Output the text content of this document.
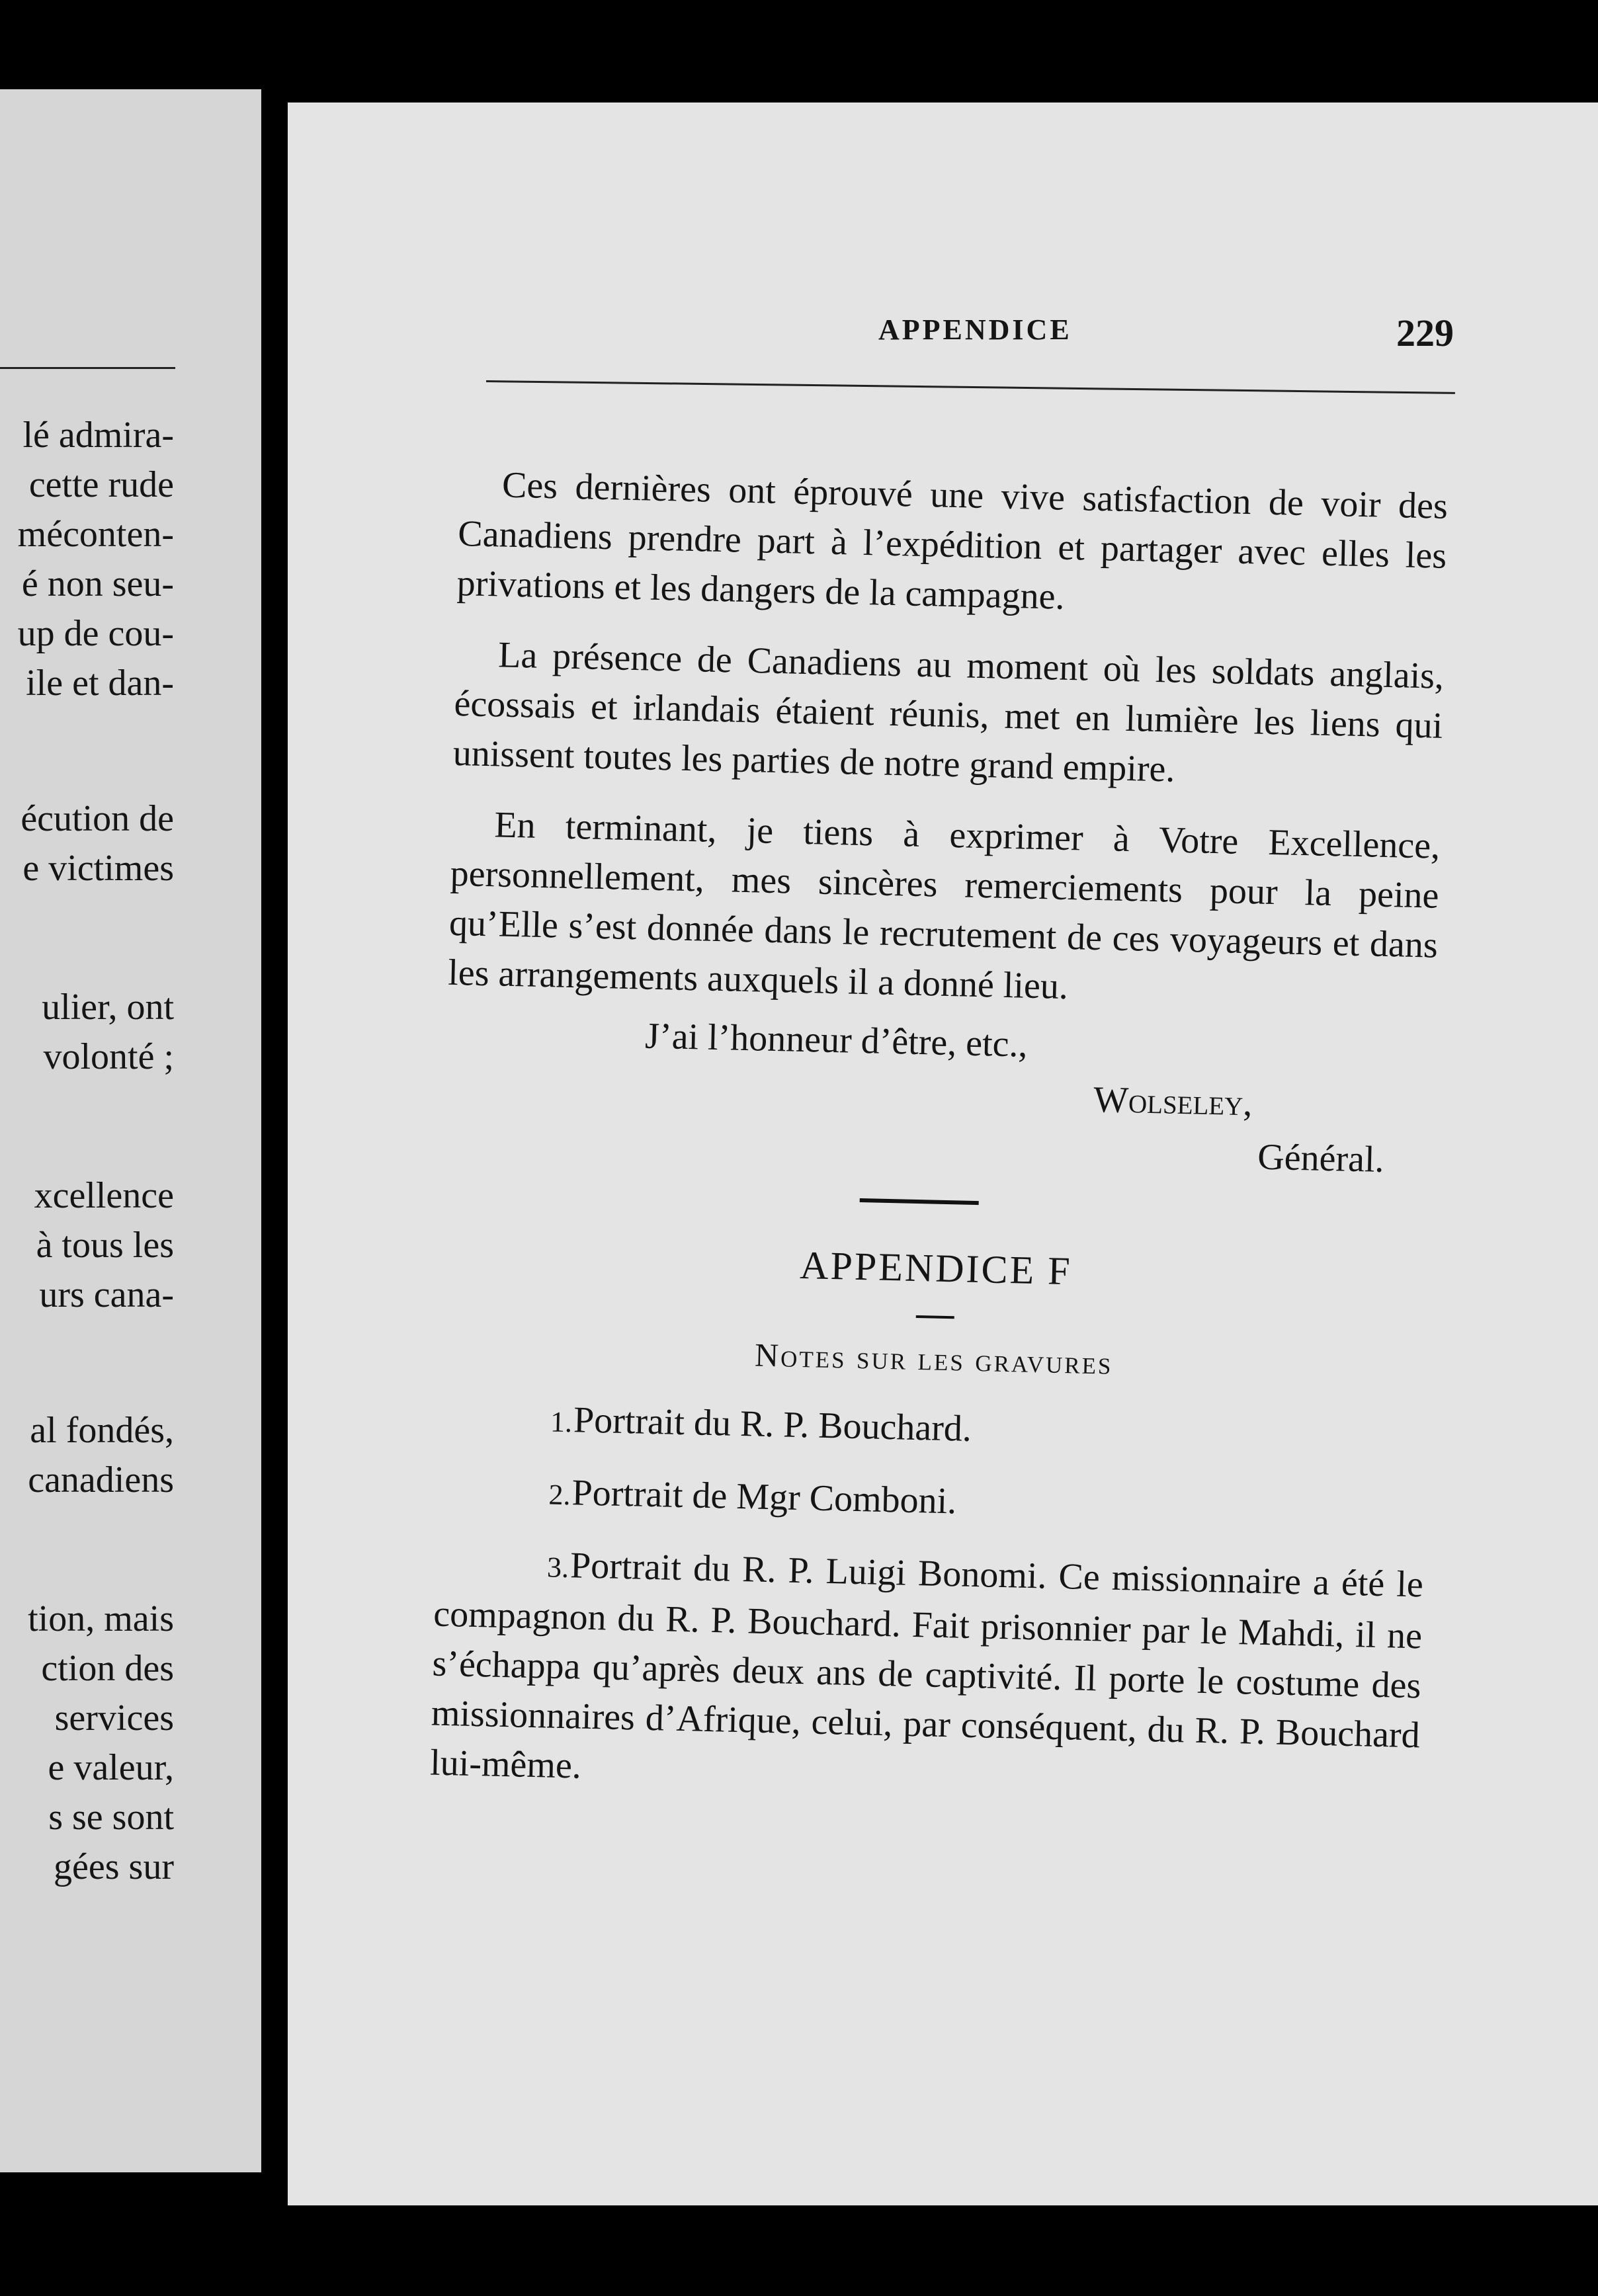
lé admira-
cette rude
méconten-
é non seu-
up de cou-
ile et dan-
écution de
e victimes
ulier, ont
volonté ;
xcellence
à tous les
urs cana-
al fondés,
canadiens
tion, mais
ction des
services
e valeur,
s se sont
gées sur
APPENDICE	229

Ces dernières ont éprouvé une vive satisfaction de voir des Canadiens prendre part à l’expédition et partager avec elles les privations et les dangers de la campagne.

La présence de Canadiens au moment où les soldats anglais, écossais et irlandais étaient réunis, met en lumière les liens qui unissent toutes les parties de notre grand empire.

En terminant, je tiens à exprimer à Votre Excellence, personnellement, mes sincères remerciements pour la peine qu’Elle s’est donnée dans le recrutement de ces voyageurs et dans les arrangements auxquels il a donné lieu.

J’ai l’honneur d’être, etc.,
Wolseley,
Général.
APPENDICE F
Notes sur les gravures

1.Portrait du R. P. Bouchard.

2.Portrait de Mgr Comboni.

3.Portrait du R. P. Luigi Bonomi. Ce missionnaire a été le compagnon du R. P. Bouchard. Fait prisonnier par le Mahdi, il ne s’échappa qu’après deux ans de captivité. Il porte le costume des missionnaires d’Afrique, celui, par conséquent, du R. P. Bouchard lui-même.
